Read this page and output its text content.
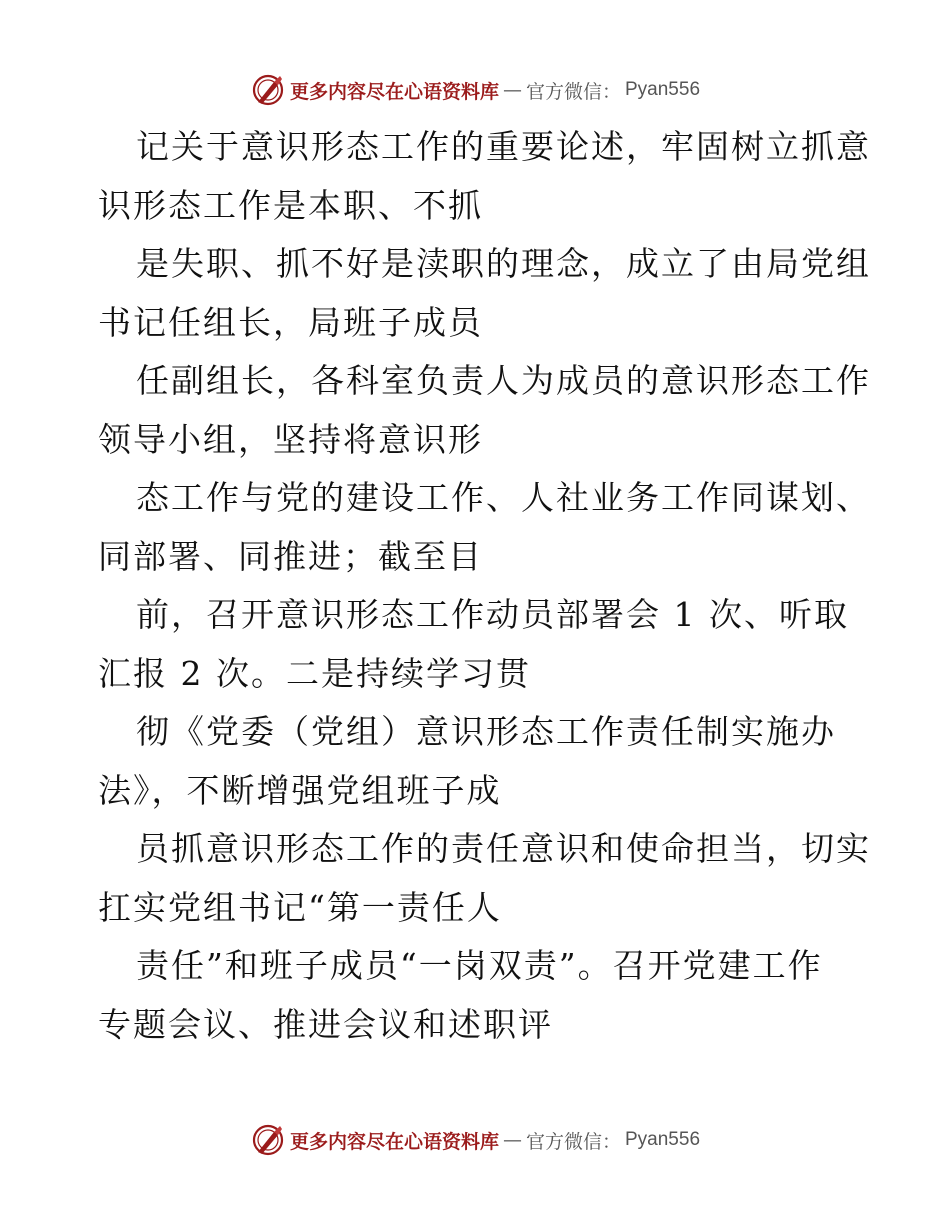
更多内容尽在心语资料库 — 官方微信： Pyan556
记关于意识形态工作的重要论述，牢固树立抓意
识形态工作是本职、不抓
是失职、抓不好是渎职的理念，成立了由局党组
书记任组长，局班子成员
任副组长，各科室负责人为成员的意识形态工作
领导小组，坚持将意识形
态工作与党的建设工作、人社业务工作同谋划、
同部署、同推进；截至目
前，召开意识形态工作动员部署会 1 次、听取
汇报 2 次。二是持续学习贯
彻《党委（党组）意识形态工作责任制实施办
法》，不断增强党组班子成
员抓意识形态工作的责任意识和使命担当，切实
扛实党组书记“第一责任人
责任”和班子成员“一岗双责”。召开党建工作
专题会议、推进会议和述职评
更多内容尽在心语资料库 — 官方微信： Pyan556
